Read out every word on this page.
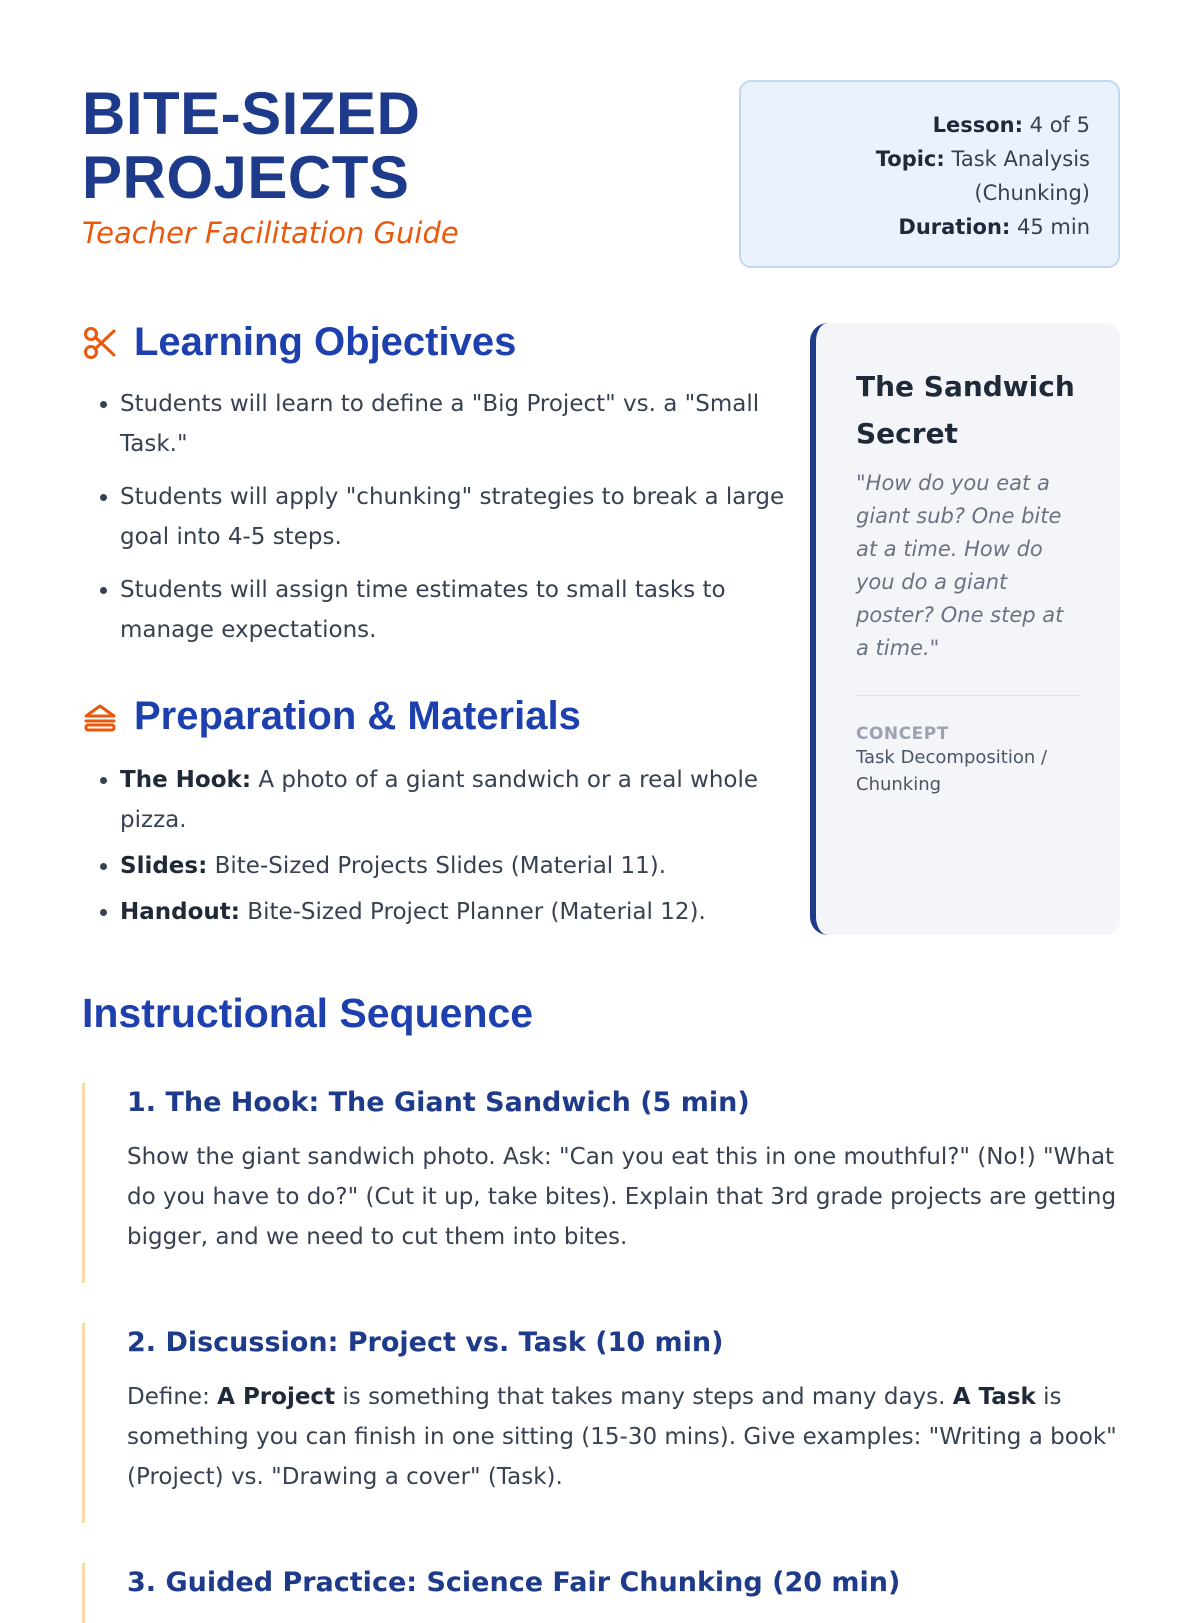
BITE-SIZED
PROJECTS
Teacher Facilitation Guide
Lesson: 4 of 5
Topic: Task Analysis
(Chunking)
Duration: 45 min
Learning Objectives
• Students will learn to define a "Big Project" vs. a "Small Task."
• Students will apply "chunking" strategies to break a large goal into 4-5 steps.
• Students will assign time estimates to small tasks to manage expectations.
Preparation & Materials
• The Hook: A photo of a giant sandwich or a real whole pizza.
• Slides: Bite-Sized Projects Slides (Material 11).
• Handout: Bite-Sized Project Planner (Material 12).
The Sandwich Secret
"How do you eat a giant sub? One bite at a time. How do you do a giant poster? One step at a time."
CONCEPT
Task Decomposition / Chunking
Instructional Sequence
1. The Hook: The Giant Sandwich (5 min)
Show the giant sandwich photo. Ask: "Can you eat this in one mouthful?" (No!) "What do you have to do?" (Cut it up, take bites). Explain that 3rd grade projects are getting bigger, and we need to cut them into bites.
2. Discussion: Project vs. Task (10 min)
Define: A Project is something that takes many steps and many days. A Task is something you can finish in one sitting (15-30 mins). Give examples: "Writing a book" (Project) vs. "Drawing a cover" (Task).
3. Guided Practice: Science Fair Chunking (20 min)
